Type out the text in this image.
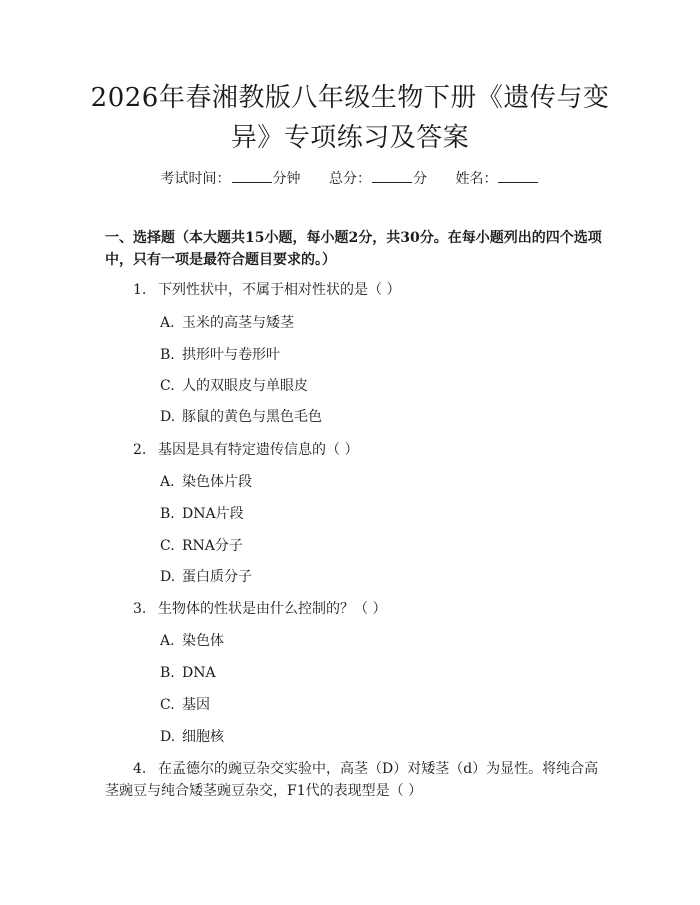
2026年春湘教版八年级生物下册《遗传与变
异》专项练习及答案
考试时间：	分钟 总分：	分 姓名：

一、选择题（本大题共15小题，每小题2分，共30分。在每小题列出的四个选项中，只有一项是最符合题目要求的。）

1. 下列性状中，不属于相对性状的是（ ）
A. 玉米的高茎与矮茎
B. 拱形叶与卷形叶
C. 人的双眼皮与单眼皮
D. 豚鼠的黄色与黑色毛色
2. 基因是具有特定遗传信息的（ ）
A. 染色体片段
B. DNA片段
C. RNA分子
D. 蛋白质分子
3. 生物体的性状是由什么控制的？（ ）
A. 染色体
B. DNA
C. 基因
D. 细胞核
4. 在孟德尔的豌豆杂交实验中，高茎（D）对矮茎（d）为显性。将纯合高茎豌豆与纯合矮茎豌豆杂交，F1代的表现型是（ ）
